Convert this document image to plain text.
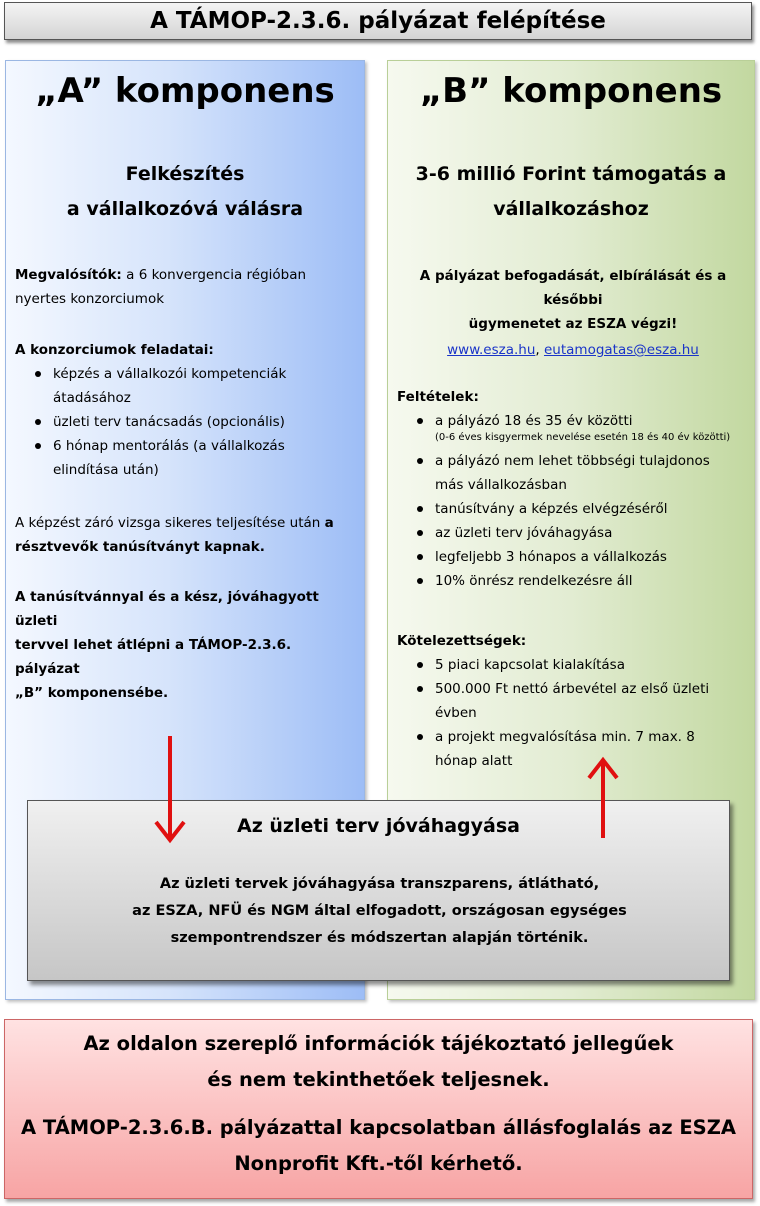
A TÁMOP-2.3.6. pályázat felépítése
„A” komponens
Felkészítés
a vállalkozóvá válásra

Megvalósítók: a 6 konvergencia régióban

nyertes konzorciumok

A konzorciumok feladatai:

képzés a vállalkozói kompetenciák
átadásához
üzleti terv tanácsadás (opcionális)
6 hónap mentorálás (a vállalkozás
elindítása után)

A képzést záró vizsga sikeres teljesítése után a

résztvevők tanúsítványt kapnak.

A tanúsítvánnyal és a kész, jóváhagyott üzleti

tervvel lehet átlépni a TÁMOP-2.3.6. pályázat

„B” komponensébe.

„B” komponens
3-6 millió Forint támogatás a
vállalkozáshoz

A pályázat befogadását, elbírálását és a későbbi

ügymenetet az ESZA végzi!

www.esza.hu, eutamogatas@esza.hu

Feltételek:

a pályázó 18 és 35 év közötti
(0-6 éves kisgyermek nevelése esetén 18 és 40 év közötti)
a pályázó nem lehet többségi tulajdonos
más vállalkozásban
tanúsítvány a képzés elvégzéséről
az üzleti terv jóváhagyása
legfeljebb 3 hónapos a vállalkozás
10% önrész rendelkezésre áll

Kötelezettségek:

5 piaci kapcsolat kialakítása
500.000 Ft nettó árbevétel az első üzleti
évben
a projekt megvalósítása min. 7 max. 8
hónap alatt
Az üzleti terv jóváhagyása
Az üzleti tervek jóváhagyása transzparens, átlátható,
az ESZA, NFÜ és NGM által elfogadott, országosan egységes
szempontrendszer és módszertan alapján történik.
Az oldalon szereplő információk tájékoztató jellegűek
és nem tekinthetőek teljesnek.
A TÁMOP-2.3.6.B. pályázattal kapcsolatban állásfoglalás az ESZA
Nonprofit Kft.-től kérhető.
